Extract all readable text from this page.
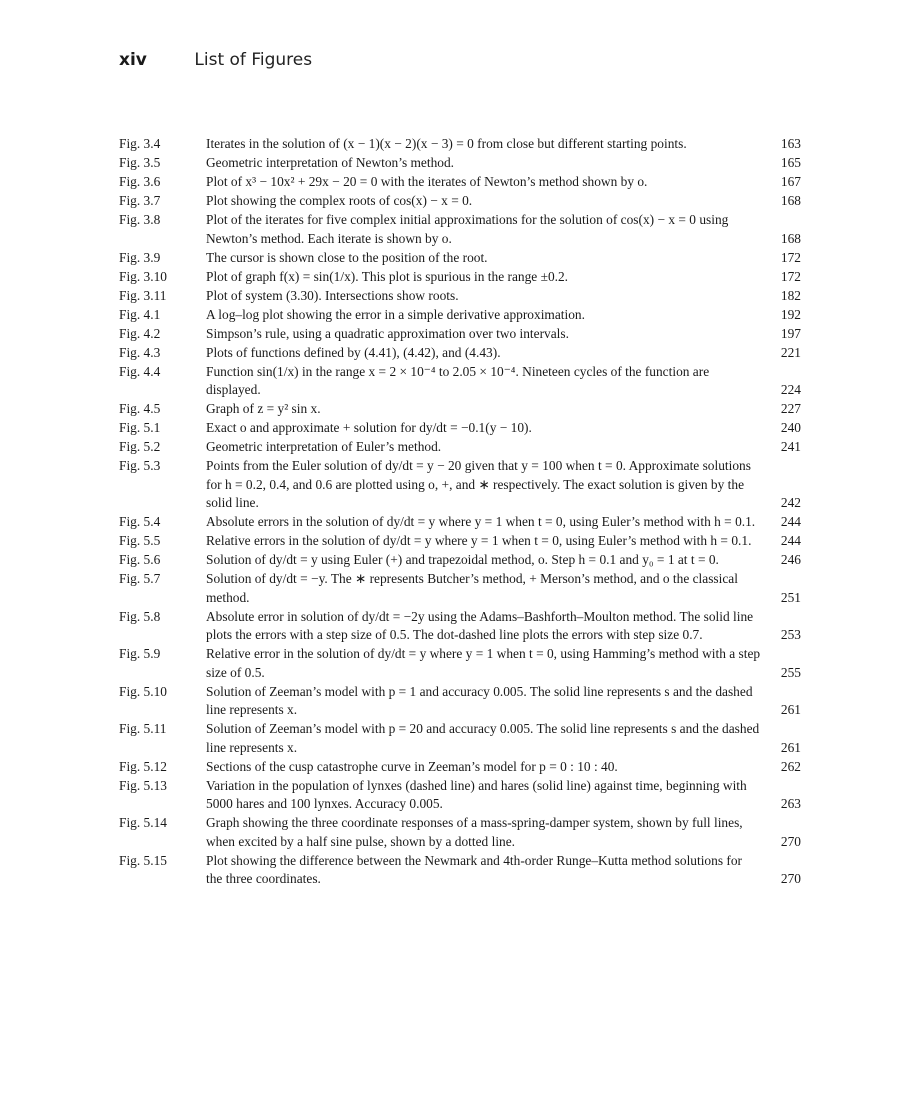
xiv	List of Figures
Fig. 3.4	Iterates in the solution of (x − 1)(x − 2)(x − 3) = 0 from close but different starting points.	163
Fig. 3.5	Geometric interpretation of Newton’s method.	165
Fig. 3.6	Plot of x³ − 10x² + 29x − 20 = 0 with the iterates of Newton’s method shown by o.	167
Fig. 3.7	Plot showing the complex roots of cos(x) − x = 0.	168
Fig. 3.8	Plot of the iterates for five complex initial approximations for the solution of cos(x) − x = 0 using Newton’s method. Each iterate is shown by o.	168
Fig. 3.9	The cursor is shown close to the position of the root.	172
Fig. 3.10	Plot of graph f(x) = sin(1/x). This plot is spurious in the range ±0.2.	172
Fig. 3.11	Plot of system (3.30). Intersections show roots.	182
Fig. 4.1	A log–log plot showing the error in a simple derivative approximation.	192
Fig. 4.2	Simpson’s rule, using a quadratic approximation over two intervals.	197
Fig. 4.3	Plots of functions defined by (4.41), (4.42), and (4.43).	221
Fig. 4.4	Function sin(1/x) in the range x = 2 × 10⁻⁴ to 2.05 × 10⁻⁴. Nineteen cycles of the function are displayed.	224
Fig. 4.5	Graph of z = y² sin x.	227
Fig. 5.1	Exact o and approximate + solution for dy/dt = −0.1(y − 10).	240
Fig. 5.2	Geometric interpretation of Euler’s method.	241
Fig. 5.3	Points from the Euler solution of dy/dt = y − 20 given that y = 100 when t = 0. Approximate solutions for h = 0.2, 0.4, and 0.6 are plotted using o, +, and ∗ respectively. The exact solution is given by the solid line.	242
Fig. 5.4	Absolute errors in the solution of dy/dt = y where y = 1 when t = 0, using Euler’s method with h = 0.1.	244
Fig. 5.5	Relative errors in the solution of dy/dt = y where y = 1 when t = 0, using Euler’s method with h = 0.1.	244
Fig. 5.6	Solution of dy/dt = y using Euler (+) and trapezoidal method, o. Step h = 0.1 and y₀ = 1 at t = 0.	246
Fig. 5.7	Solution of dy/dt = −y. The ∗ represents Butcher’s method, + Merson’s method, and o the classical method.	251
Fig. 5.8	Absolute error in solution of dy/dt = −2y using the Adams–Bashforth–Moulton method. The solid line plots the errors with a step size of 0.5. The dot-dashed line plots the errors with step size 0.7.	253
Fig. 5.9	Relative error in the solution of dy/dt = y where y = 1 when t = 0, using Hamming’s method with a step size of 0.5.	255
Fig. 5.10	Solution of Zeeman’s model with p = 1 and accuracy 0.005. The solid line represents s and the dashed line represents x.	261
Fig. 5.11	Solution of Zeeman’s model with p = 20 and accuracy 0.005. The solid line represents s and the dashed line represents x.	261
Fig. 5.12	Sections of the cusp catastrophe curve in Zeeman’s model for p = 0 : 10 : 40.	262
Fig. 5.13	Variation in the population of lynxes (dashed line) and hares (solid line) against time, beginning with 5000 hares and 100 lynxes. Accuracy 0.005.	263
Fig. 5.14	Graph showing the three coordinate responses of a mass-spring-damper system, shown by full lines, when excited by a half sine pulse, shown by a dotted line.	270
Fig. 5.15	Plot showing the difference between the Newmark and 4th-order Runge–Kutta method solutions for the three coordinates.	270
